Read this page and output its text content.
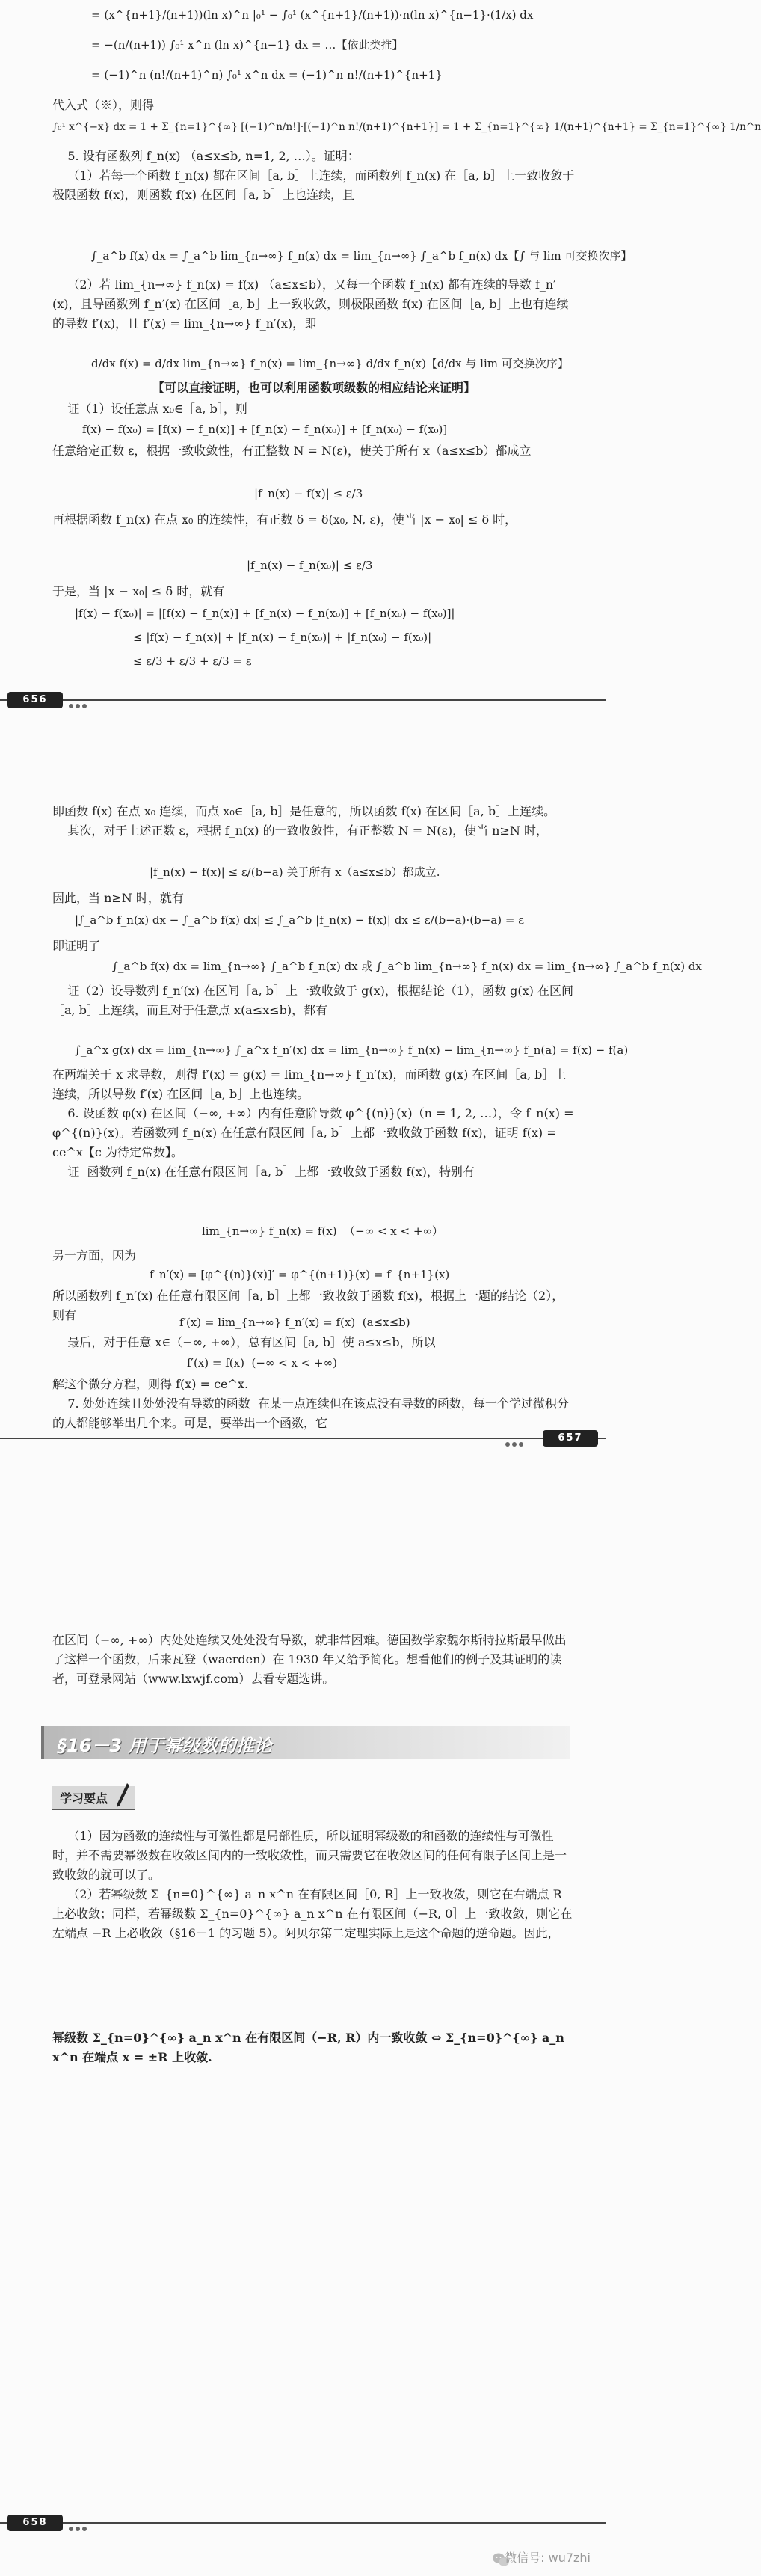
= (x^{n+1}/(n+1))(ln x)^n |₀¹ − ∫₀¹ (x^{n+1}/(n+1))·n(ln x)^{n−1}·(1/x) dx
= −(n/(n+1)) ∫₀¹ x^n (ln x)^{n−1} dx = …【依此类推】
= (−1)^n (n!/(n+1)^n) ∫₀¹ x^n dx = (−1)^n n!/(n+1)^{n+1}
代入式（※），则得
∫₀¹ x^{−x} dx = 1 + Σ_{n=1}^{∞} [(−1)^n/n!]·[(−1)^n n!/(n+1)^{n+1}] = 1 + Σ_{n=1}^{∞} 1/(n+1)^{n+1} = Σ_{n=1}^{∞} 1/n^n
5. 设有函数列 f_n(x) （a≤x≤b, n=1, 2, …）。证明：
（1）若每一个函数 f_n(x) 都在区间［a, b］上连续，而函数列 f_n(x) 在［a, b］上一致收敛于极限函数 f(x)，则函数 f(x) 在区间［a, b］上也连续，且
∫_a^b f(x) dx = ∫_a^b lim_{n→∞} f_n(x) dx = lim_{n→∞} ∫_a^b f_n(x) dx【∫ 与 lim 可交换次序】
（2）若 lim_{n→∞} f_n(x) = f(x) （a≤x≤b），又每一个函数 f_n(x) 都有连续的导数 f_n′(x)，且导函数列 f_n′(x) 在区间［a, b］上一致收敛，则极限函数 f(x) 在区间［a, b］上也有连续的导数 f′(x)，且 f′(x) = lim_{n→∞} f_n′(x)，即
d/dx f(x) = d/dx lim_{n→∞} f_n(x) = lim_{n→∞} d/dx f_n(x)【d/dx 与 lim 可交换次序】
【可以直接证明，也可以利用函数项级数的相应结论来证明】
证（1）设任意点 x₀∈［a, b］，则
f(x) − f(x₀) = [f(x) − f_n(x)] + [f_n(x) − f_n(x₀)] + [f_n(x₀) − f(x₀)]
任意给定正数 ε，根据一致收敛性，有正整数 N = N(ε)，使关于所有 x（a≤x≤b）都成立
|f_n(x) − f(x)| ≤ ε/3
再根据函数 f_n(x) 在点 x₀ 的连续性，有正数 δ = δ(x₀, N, ε)，使当 |x − x₀| ≤ δ 时，
|f_n(x) − f_n(x₀)| ≤ ε/3
于是，当 |x − x₀| ≤ δ 时，就有
|f(x) − f(x₀)| = |[f(x) − f_n(x)] + [f_n(x) − f_n(x₀)] + [f_n(x₀) − f(x₀)]|
≤ |f(x) − f_n(x)| + |f_n(x) − f_n(x₀)| + |f_n(x₀) − f(x₀)|
≤ ε/3 + ε/3 + ε/3 = ε
656
即函数 f(x) 在点 x₀ 连续，而点 x₀∈［a, b］是任意的，所以函数 f(x) 在区间［a, b］上连续。
其次，对于上述正数 ε，根据 f_n(x) 的一致收敛性，有正整数 N = N(ε)，使当 n≥N 时，
|f_n(x) − f(x)| ≤ ε/(b−a) 关于所有 x（a≤x≤b）都成立.
因此，当 n≥N 时，就有
|∫_a^b f_n(x) dx − ∫_a^b f(x) dx| ≤ ∫_a^b |f_n(x) − f(x)| dx ≤ ε/(b−a)·(b−a) = ε
即证明了
∫_a^b f(x) dx = lim_{n→∞} ∫_a^b f_n(x) dx 或 ∫_a^b lim_{n→∞} f_n(x) dx = lim_{n→∞} ∫_a^b f_n(x) dx
证（2）设导数列 f_n′(x) 在区间［a, b］上一致收敛于 g(x)，根据结论（1），函数 g(x) 在区间［a, b］上连续，而且对于任意点 x(a≤x≤b)，都有
∫_a^x g(x) dx = lim_{n→∞} ∫_a^x f_n′(x) dx = lim_{n→∞} f_n(x) − lim_{n→∞} f_n(a) = f(x) − f(a)
在两端关于 x 求导数，则得 f′(x) = g(x) = lim_{n→∞} f_n′(x)，而函数 g(x) 在区间［a, b］上连续，所以导数 f′(x) 在区间［a, b］上也连续。
6. 设函数 φ(x) 在区间（−∞, +∞）内有任意阶导数 φ^{(n)}(x)（n = 1, 2, …），令 f_n(x) = φ^{(n)}(x)。若函数列 f_n(x) 在任意有限区间［a, b］上都一致收敛于函数 f(x)，证明 f(x) = ce^x【c 为待定常数】。
证  函数列 f_n(x) 在任意有限区间［a, b］上都一致收敛于函数 f(x)，特别有
lim_{n→∞} f_n(x) = f(x)  （−∞ < x < +∞）
另一方面，因为
f_n′(x) = [φ^{(n)}(x)]′ = φ^{(n+1)}(x) = f_{n+1}(x)
所以函数列 f_n′(x) 在任意有限区间［a, b］上都一致收敛于函数 f(x)，根据上一题的结论（2），则有	f′(x) = lim_{n→∞} f_n′(x) = f(x)  (a≤x≤b)
最后，对于任意 x∈（−∞, +∞），总有区间［a, b］使 a≤x≤b，所以
f′(x) = f(x)  (−∞ < x < +∞)
解这个微分方程，则得 f(x) = ce^x.
7. 处处连续且处处没有导数的函数  在某一点连续但在该点没有导数的函数，每一个学过微积分的人都能够举出几个来。可是，要举出一个函数，它
657
在区间（−∞, +∞）内处处连续又处处没有导数，就非常困难。德国数学家魏尔斯特拉斯最早做出了这样一个函数，后来瓦登（waerden）在 1930 年又给予简化。想看他们的例子及其证明的读者，可登录网站（www.lxwjf.com）去看专题选讲。
§16－3 用于幂级数的推论
学习要点
（1）因为函数的连续性与可微性都是局部性质，所以证明幂级数的和函数的连续性与可微性时，并不需要幂级数在收敛区间内的一致收敛性，而只需要它在收敛区间的任何有限子区间上是一致收敛的就可以了。
（2）若幂级数 Σ_{n=0}^{∞} a_n x^n 在有限区间［0, R］上一致收敛，则它在右端点 R 上必收敛；同样，若幂级数 Σ_{n=0}^{∞} a_n x^n 在有限区间（−R, 0］上一致收敛，则它在左端点 −R 上必收敛（§16－1 的习题 5）。阿贝尔第二定理实际上是这个命题的逆命题。因此，
幂级数 Σ_{n=0}^{∞} a_n x^n 在有限区间（−R, R）内一致收敛 ⇔ Σ_{n=0}^{∞} a_n x^n 在端点 x = ±R 上收敛.
658
微信号: wu7zhi
